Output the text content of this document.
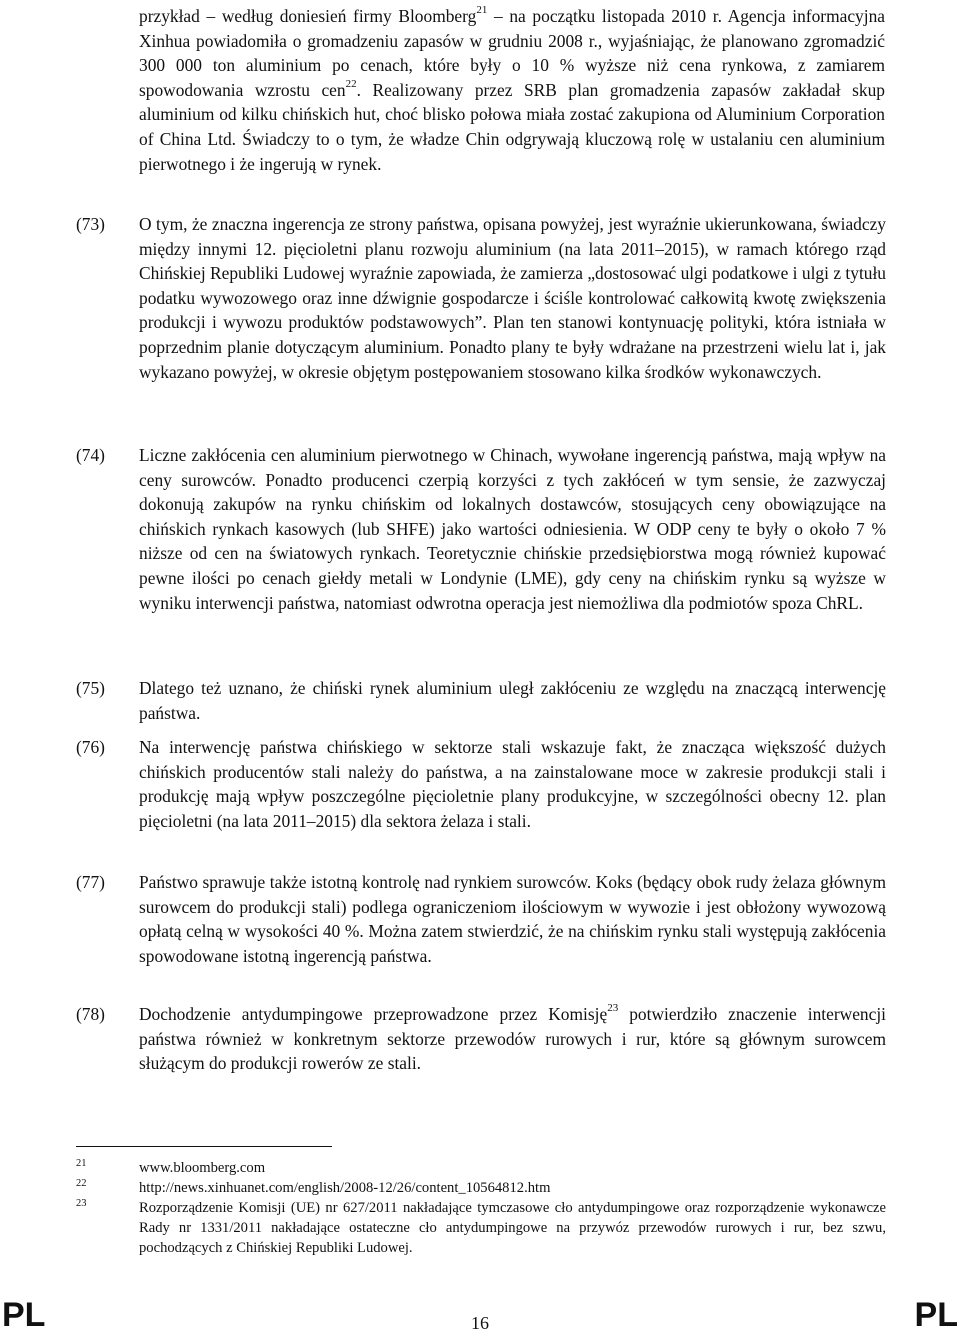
przykład – według doniesień firmy Bloomberg$^{21}$ – na początku listopada 2010 r. Agencja informacyjna Xinhua powiadomiła o gromadzeniu zapasów w grudniu 2008 r., wyjaśniając, że planowano zgromadzić 300 000 ton aluminium po cenach, które były o 10 % wyższe niż cena rynkowa, z zamiarem spowodowania wzrostu cen$^{22}$. Realizowany przez SRB plan gromadzenia zapasów zakładał skup aluminium od kilku chińskich hut, choć blisko połowa miała zostać zakupiona od Aluminium Corporation of China Ltd. Świadczy to o tym, że władze Chin odgrywają kluczową rolę w ustalaniu cen aluminium pierwotnego i że ingerują w rynek.
(73)	O tym, że znaczna ingerencja ze strony państwa, opisana powyżej, jest wyraźnie ukierunkowana, świadczy między innymi 12. pięcioletni planu rozwoju aluminium (na lata 2011–2015), w ramach którego rząd Chińskiej Republiki Ludowej wyraźnie zapowiada, że zamierza „dostosować ulgi podatkowe i ulgi z tytułu podatku wywozowego oraz inne dźwignie gospodarcze i ściśle kontrolować całkowitą kwotę zwiększenia produkcji i wywozu produktów podstawowych”. Plan ten stanowi kontynuację polityki, która istniała w poprzednim planie dotyczącym aluminium. Ponadto plany te były wdrażane na przestrzeni wielu lat i, jak wykazano powyżej, w okresie objętym postępowaniem stosowano kilka środków wykonawczych.
(74)	Liczne zakłócenia cen aluminium pierwotnego w Chinach, wywołane ingerencją państwa, mają wpływ na ceny surowców. Ponadto producenci czerpią korzyści z tych zakłóceń w tym sensie, że zazwyczaj dokonują zakupów na rynku chińskim od lokalnych dostawców, stosujących ceny obowiązujące na chińskich rynkach kasowych (lub SHFE) jako wartości odniesienia. W ODP ceny te były o około 7 % niższe od cen na światowych rynkach. Teoretycznie chińskie przedsiębiorstwa mogą również kupować pewne ilości po cenach giełdy metali w Londynie (LME), gdy ceny na chińskim rynku są wyższe w wyniku interwencji państwa, natomiast odwrotna operacja jest niemożliwa dla podmiotów spoza ChRL.
(75)	Dlatego też uznano, że chiński rynek aluminium uległ zakłóceniu ze względu na znaczącą interwencję państwa.
(76)	Na interwencję państwa chińskiego w sektorze stali wskazuje fakt, że znacząca większość dużych chińskich producentów stali należy do państwa, a na zainstalowane moce w zakresie produkcji stali i produkcję mają wpływ poszczególne pięcioletnie plany produkcyjne, w szczególności obecny 12. plan pięcioletni (na lata 2011–2015) dla sektora żelaza i stali.
(77)	Państwo sprawuje także istotną kontrolę nad rynkiem surowców. Koks (będący obok rudy żelaza głównym surowcem do produkcji stali) podlega ograniczeniom ilościowym w wywozie i jest obłożony wywozową opłatą celną w wysokości 40 %. Można zatem stwierdzić, że na chińskim rynku stali występują zakłócenia spowodowane istotną ingerencją państwa.
(78)	Dochodzenie antydumpingowe przeprowadzone przez Komisję$^{23}$ potwierdziło znaczenie interwencji państwa również w konkretnym sektorze przewodów rurowych i rur, które są głównym surowcem służącym do produkcji rowerów ze stali.
21	www.bloomberg.com
22	http://news.xinhuanet.com/english/2008-12/26/content_10564812.htm
23	Rozporządzenie Komisji (UE) nr 627/2011 nakładające tymczasowe cło antydumpingowe oraz rozporządzenie wykonawcze Rady nr 1331/2011 nakładające ostateczne cło antydumpingowe na przywóz przewodów rurowych i rur, bez szwu, pochodzących z Chińskiej Republiki Ludowej.
PL	16	PL
